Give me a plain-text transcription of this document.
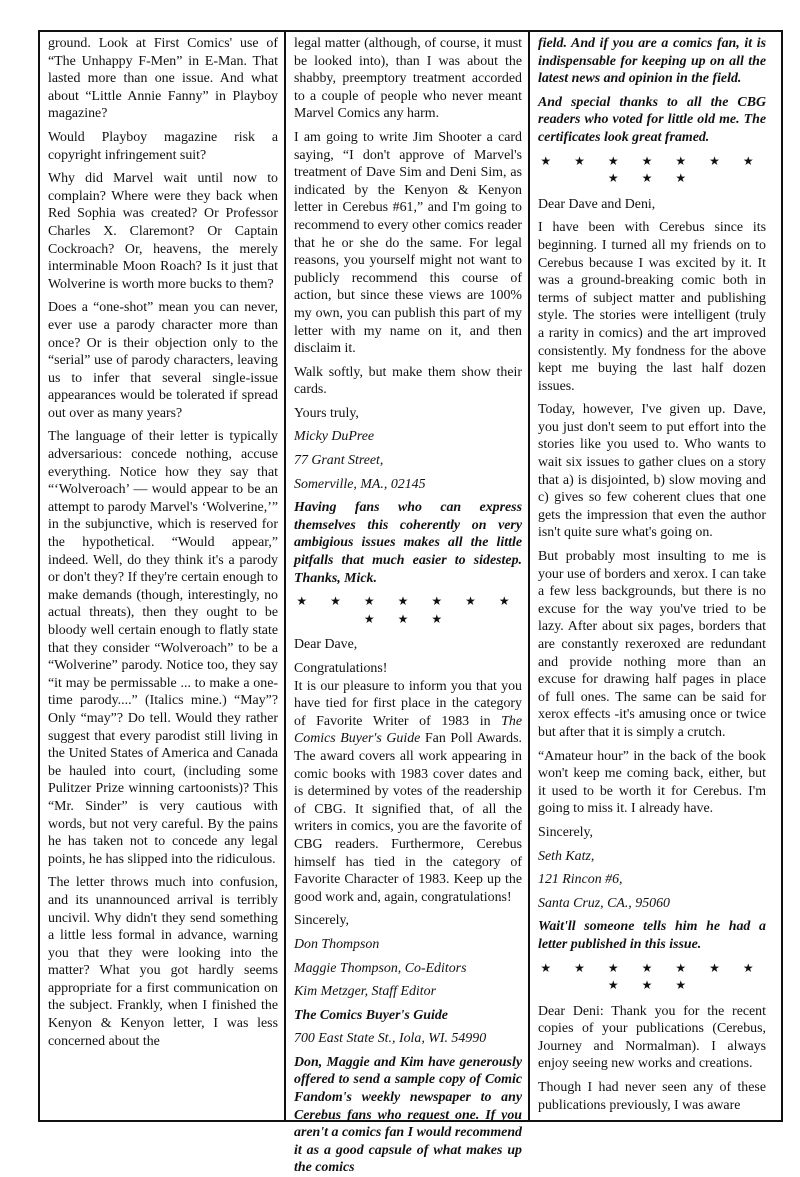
ground. Look at First Comics' use of “The Unhappy F-Men” in E-Man. That lasted more than one issue. And what about “Little Annie Fanny” in Playboy magazine?

Would Playboy magazine risk a copyright infringement suit?

Why did Marvel wait until now to complain? Where were they back when Red Sophia was created? Or Professor Charles X. Claremont? Or Captain Cockroach? Or, heavens, the merely interminable Moon Roach? Is it just that Wolverine is worth more bucks to them?

Does a “one-shot” mean you can never, ever use a parody character more than once? Or is their objection only to the “serial” use of parody characters, leaving us to infer that several single-issue appearances would be tolerated if spread out over as many years?

The language of their letter is typically adversarious: concede nothing, accuse everything. Notice how they say that “‘Wolveroach’ — would appear to be an attempt to parody Marvel's ‘Wolverine,’” in the subjunctive, which is reserved for the hypothetical. “Would appear,” indeed. Well, do they think it's a parody or don't they? If they're certain enough to make demands (though, interestingly, no actual threats), then they ought to be bloody well certain enough to flatly state that they consider “Wolveroach” to be a “Wolverine” parody. Notice too, they say “it may be permissable ... to make a one-time parody....” (Italics mine.) “May”? Only “may”? Do tell. Would they rather suggest that every parodist still living in the United States of America and Canada be hauled into court, (including some Pulitzer Prize winning cartoonists)? This “Mr. Sinder” is very cautious with words, but not very careful. By the pains he has taken not to concede any legal points, he has slipped into the ridiculous.

The letter throws much into confusion, and its unannounced arrival is terribly uncivil. Why didn't they send something a little less formal in advance, warning you that they were looking into the matter? What you got hardly seems appropriate for a first communication on the subject. Frankly, when I finished the Kenyon & Kenyon letter, I was less concerned about the

legal matter (although, of course, it must be looked into), than I was about the shabby, preemptory treatment accorded to a couple of people who never meant Marvel Comics any harm.

I am going to write Jim Shooter a card saying, “I don't approve of Marvel's treatment of Dave Sim and Deni Sim, as indicated by the Kenyon & Kenyon letter in Cerebus #61,” and I'm going to recommend to every other comics reader that he or she do the same. For legal reasons, you yourself might not want to publicly recommend this course of action, but since these views are 100% my own, you can publish this part of my letter with my name on it, and then disclaim it.

Walk softly, but make them show their cards.

Yours truly,

Micky DuPree

77 Grant Street,

Somerville, MA., 02145

Having fans who can express themselves this coherently on very ambigious issues makes all the little pitfalls that much easier to sidestep. Thanks, Mick.

★ ★ ★ ★ ★ ★ ★ ★ ★ ★

Dear Dave,

Congratulations!

It is our pleasure to inform you that you have tied for first place in the category of Favorite Writer of 1983 in The Comics Buyer's Guide Fan Poll Awards. The award covers all work appearing in comic books with 1983 cover dates and is determined by votes of the readership of CBG. It signified that, of all the writers in comics, you are the favorite of CBG readers. Furthermore, Cerebus himself has tied in the category of Favorite Character of 1983. Keep up the good work and, again, congratulations!

Sincerely,

Don Thompson

Maggie Thompson, Co-Editors

Kim Metzger, Staff Editor

The Comics Buyer's Guide

700 East State St., Iola, WI. 54990

Don, Maggie and Kim have generously offered to send a sample copy of Comic Fandom's weekly newspaper to any Cerebus fans who request one. If you aren't a comics fan I would recommend it as a good capsule of what makes up the comics

field. And if you are a comics fan, it is indispensable for keeping up on all the latest news and opinion in the field.

And special thanks to all the CBG readers who voted for little old me. The certificates look great framed.

★ ★ ★ ★ ★ ★ ★ ★ ★ ★

Dear Dave and Deni,

I have been with Cerebus since its beginning. I turned all my friends on to Cerebus because I was excited by it. It was a ground-breaking comic both in terms of subject matter and publishing style. The stories were intelligent (truly a rarity in comics) and the art improved consistently. My fondness for the above kept me buying the last half dozen issues.

Today, however, I've given up. Dave, you just don't seem to put effort into the stories like you used to. Who wants to wait six issues to gather clues on a story that a) is disjointed, b) slow moving and c) gives so few coherent clues that one gets the impression that even the author isn't quite sure what's going on.

But probably most insulting to me is your use of borders and xerox. I can take a few less backgrounds, but there is no excuse for the way you've tried to be lazy. After about six pages, borders that are constantly rexeroxed are redundant and provide nothing more than an excuse for drawing half pages in place of full ones. The same can be said for xerox effects -it's amusing once or twice but after that it is simply a crutch.

“Amateur hour” in the back of the book won't keep me coming back, either, but it used to be worth it for Cerebus. I'm going to miss it. I already have.

Sincerely,

Seth Katz,

121 Rincon #6,

Santa Cruz, CA., 95060

Wait'll someone tells him he had a letter published in this issue.

★ ★ ★ ★ ★ ★ ★ ★ ★ ★

Dear Deni: Thank you for the recent copies of your publications (Cerebus, Journey and Normalman). I always enjoy seeing new works and creations.

Though I had never seen any of these publications previously, I was aware
